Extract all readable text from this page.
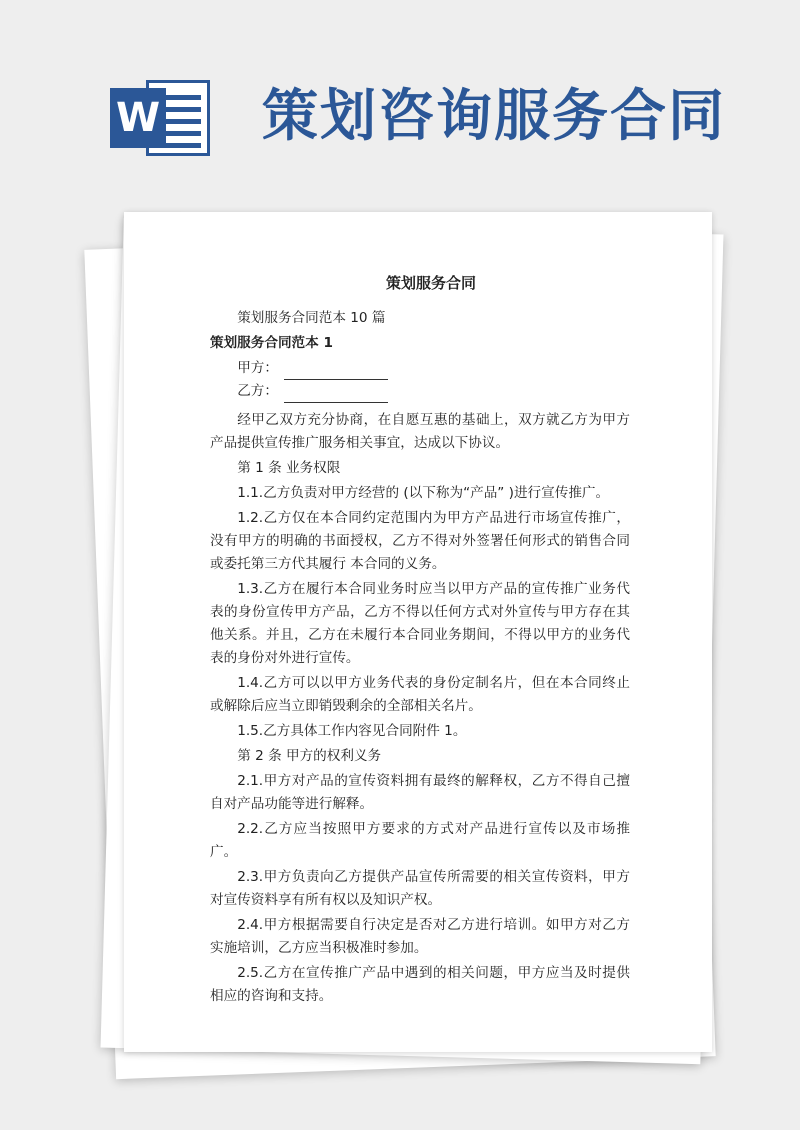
W 策划咨询服务合同
策划服务合同
策划服务合同范本 10 篇
策划服务合同范本 1
甲方：
乙方：
经甲乙双方充分协商，在自愿互惠的基础上，双方就乙方为甲方产品提供宣传推广服务相关事宜，达成以下协议。
第 1 条 业务权限
1.1.乙方负责对甲方经营的 (以下称为“产品” )进行宣传推广。
1.2.乙方仅在本合同约定范围内为甲方产品进行市场宣传推广，没有甲方的明确的书面授权，乙方不得对外签署任何形式的销售合同或委托第三方代其履行 本合同的义务。
1.3.乙方在履行本合同业务时应当以甲方产品的宣传推广业务代表的身份宣传甲方产品，乙方不得以任何方式对外宣传与甲方存在其他关系。并且，乙方在未履行本合同业务期间，不得以甲方的业务代表的身份对外进行宣传。
1.4.乙方可以以甲方业务代表的身份定制名片，但在本合同终止或解除后应当立即销毁剩余的全部相关名片。
1.5.乙方具体工作内容见合同附件 1。
第 2 条 甲方的权利义务
2.1.甲方对产品的宣传资料拥有最终的解释权，乙方不得自己擅自对产品功能等进行解释。
2.2.乙方应当按照甲方要求的方式对产品进行宣传以及市场推广。
2.3.甲方负责向乙方提供产品宣传所需要的相关宣传资料，甲方对宣传资料享有所有权以及知识产权。
2.4.甲方根据需要自行决定是否对乙方进行培训。如甲方对乙方实施培训，乙方应当积极准时参加。
2.5.乙方在宣传推广产品中遇到的相关问题，甲方应当及时提供相应的咨询和支持。
